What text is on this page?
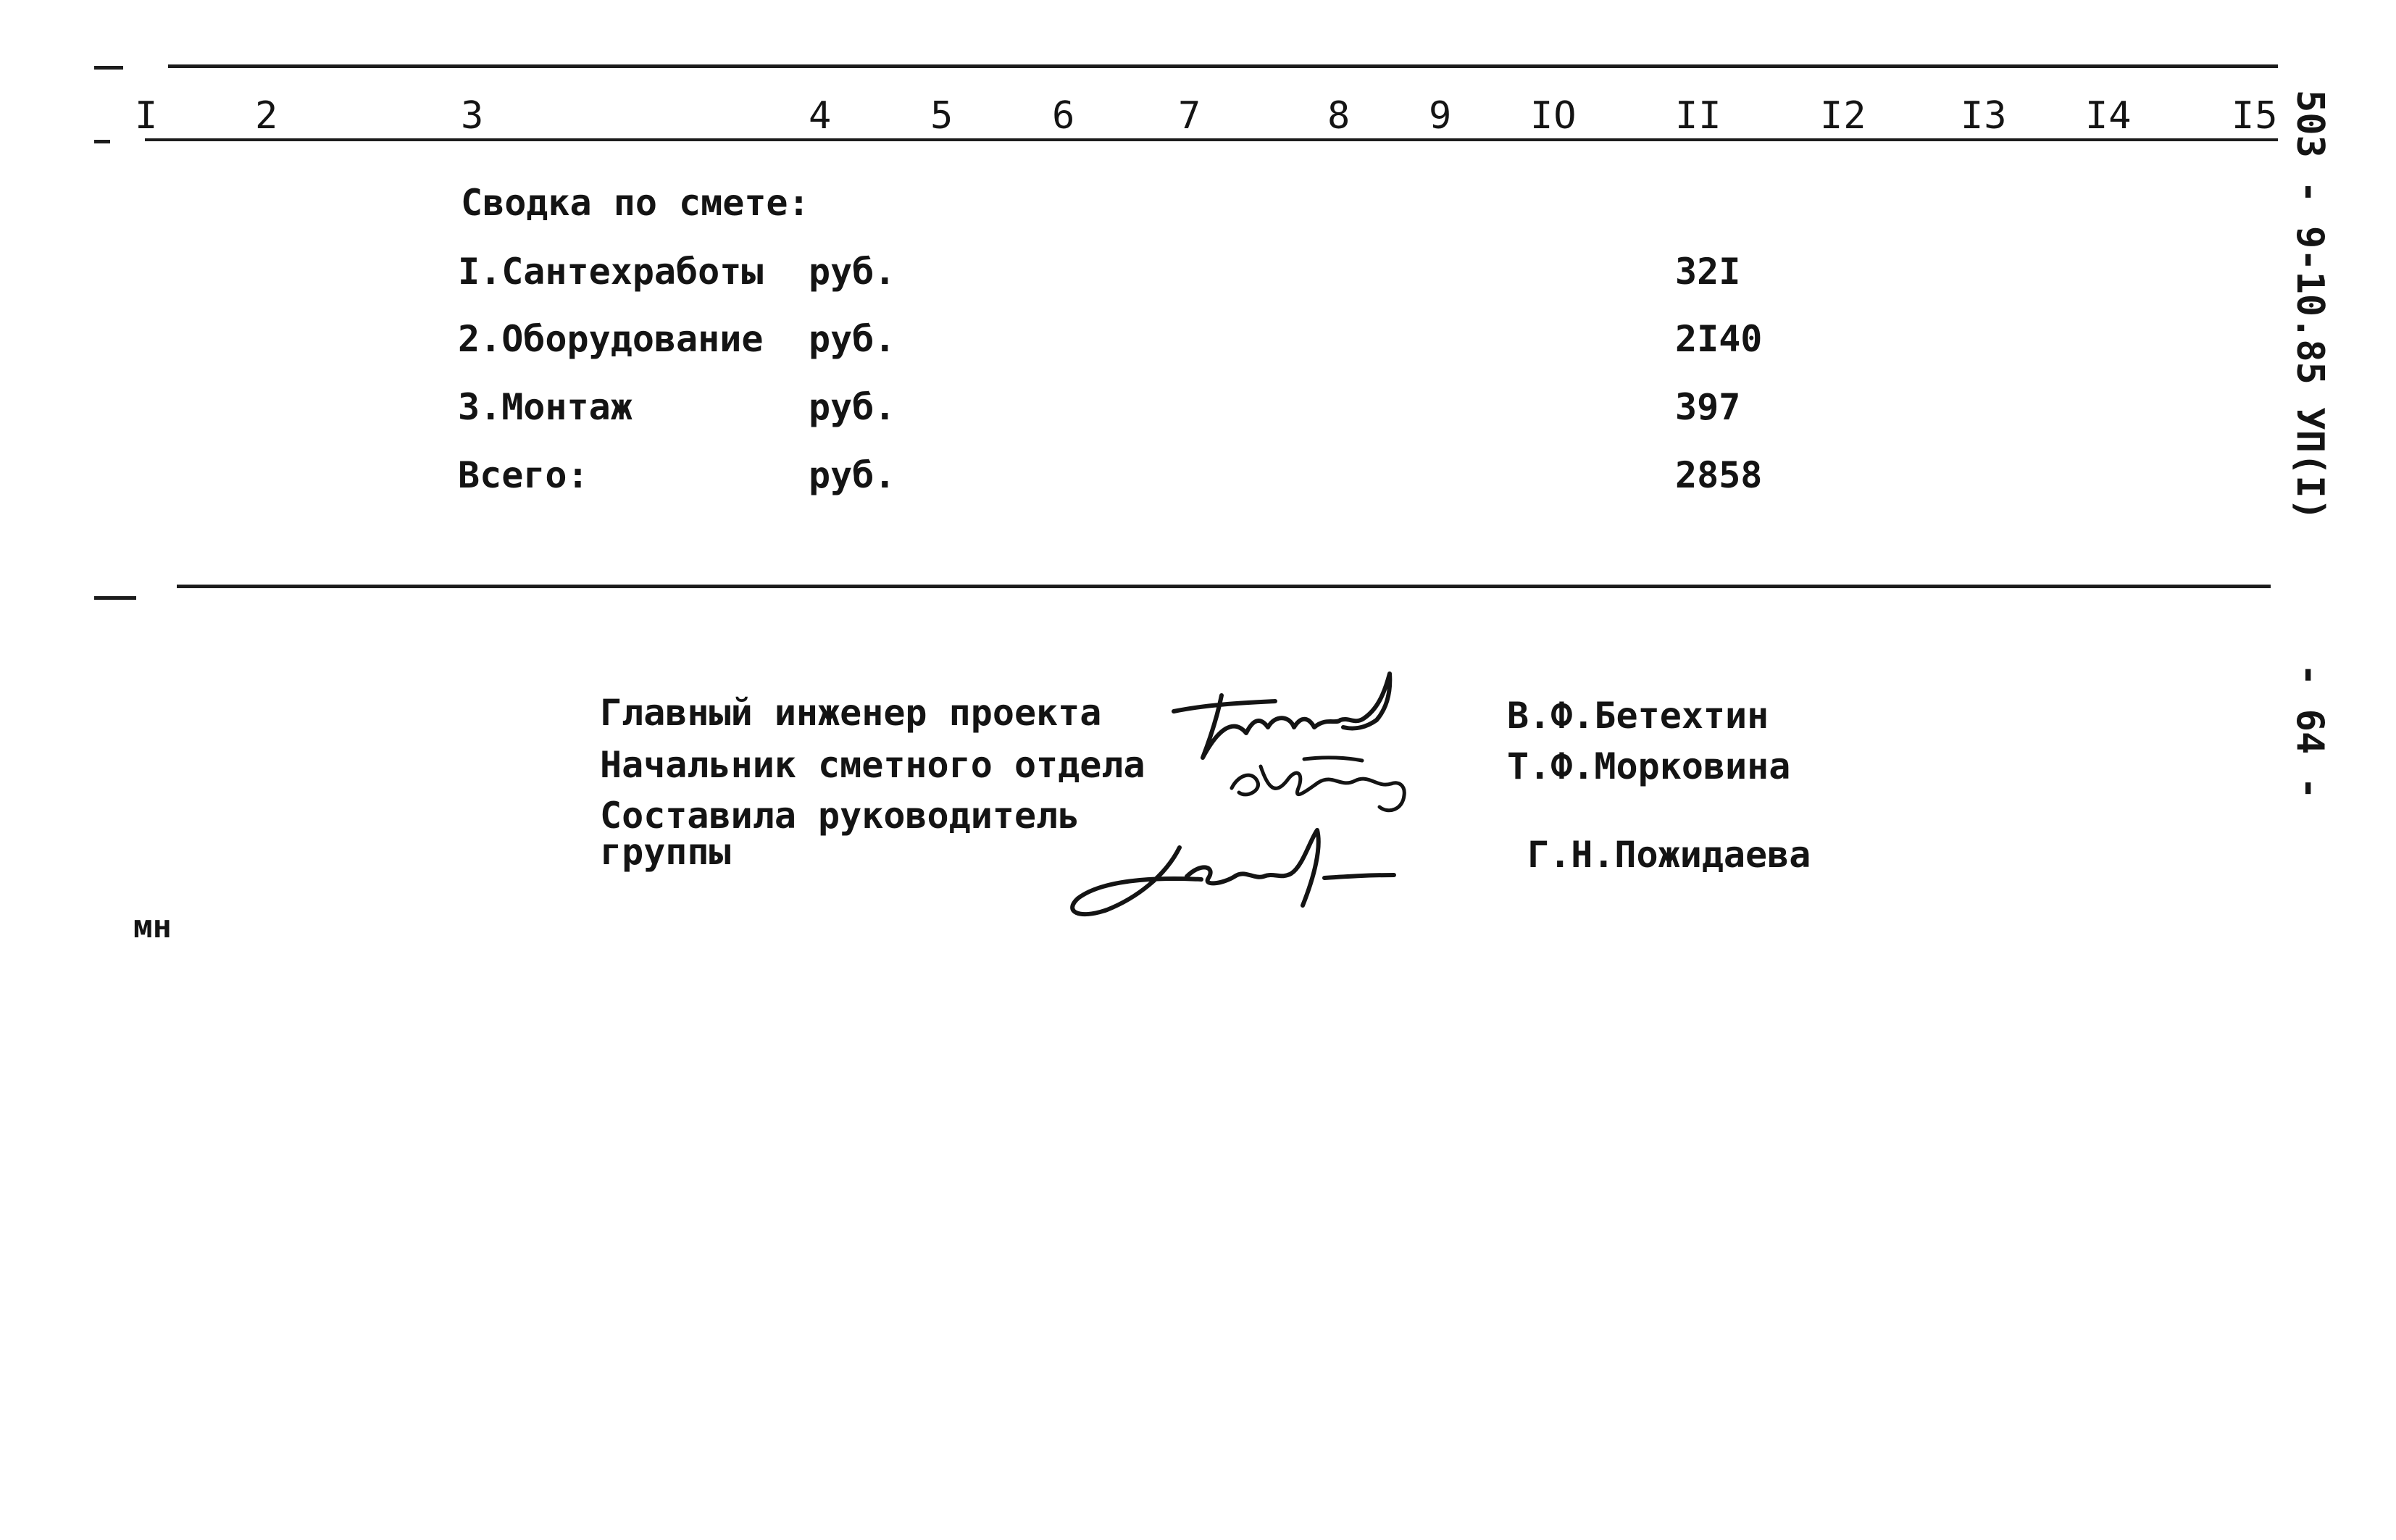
I	2	3	4	5	6	7	8 9 IO	II	I2 I3 I4	I5
Сводка по смете:
I.Сантехработы руб.	32I
2.Оборудование руб.	2I40
3.Монтаж	руб.	397
Всего:	руб.	2858
Главный инженер проекта	В.Ф.Бетехтин
Начальник сметного отдела	Т.Ф.Морковина
Составила руководитель
группы	Г.Н.Пожидаева
мн
503 - 9-10.85 УП(I)
- 64 -
